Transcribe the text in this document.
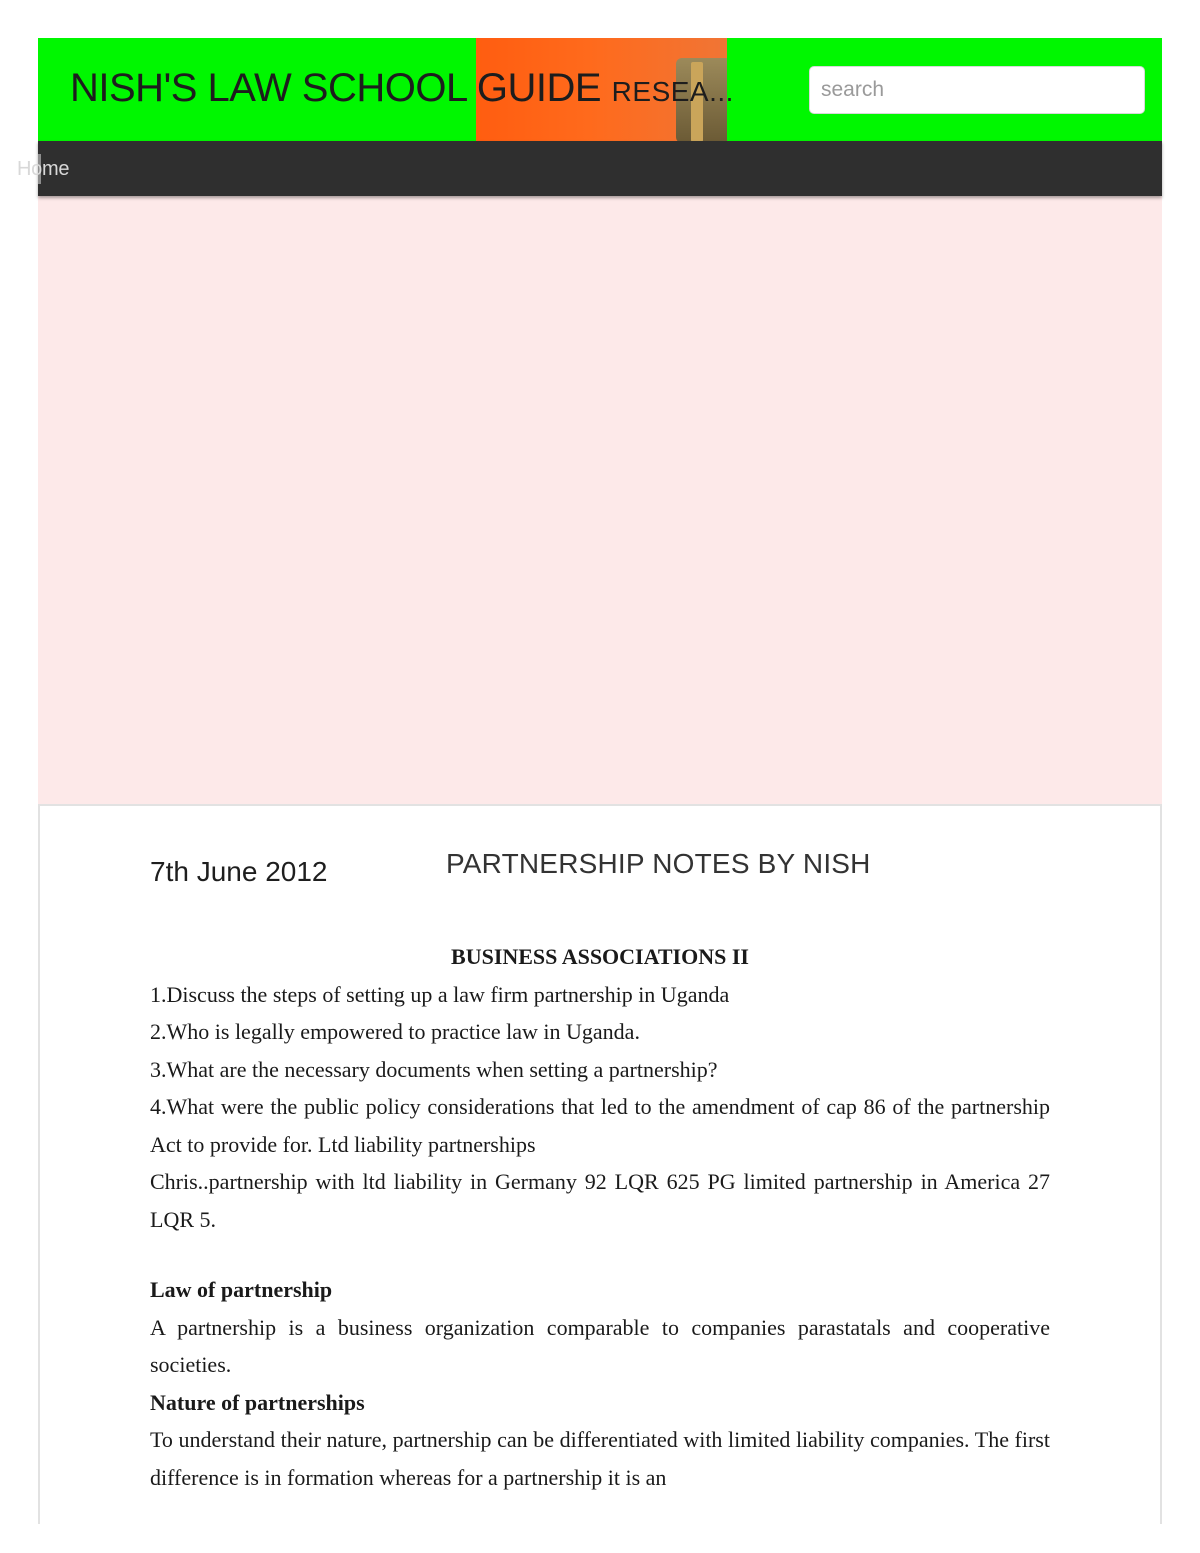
NISH'S LAW SCHOOL GUIDE RESEA...
search
Home
7th June 2012	PARTNERSHIP NOTES BY NISH

BUSINESS ASSOCIATIONS II

1.Discuss the steps of setting up a law firm partnership in Uganda

2.Who is legally empowered to practice law in Uganda.

3.What are the necessary documents when setting a partnership?

4.What were the public policy considerations that led to the amendment of cap 86 of the partnership Act to provide for. Ltd liability partnerships

Chris..partnership with ltd liability in Germany 92 LQR 625 PG limited partnership in America 27 LQR 5.

Law of partnership

A partnership is a business organization comparable to companies parastatals and cooperative societies.

Nature of partnerships

To understand their nature, partnership can be differentiated with limited liability companies. The first difference is in formation whereas for a partnership it is an
